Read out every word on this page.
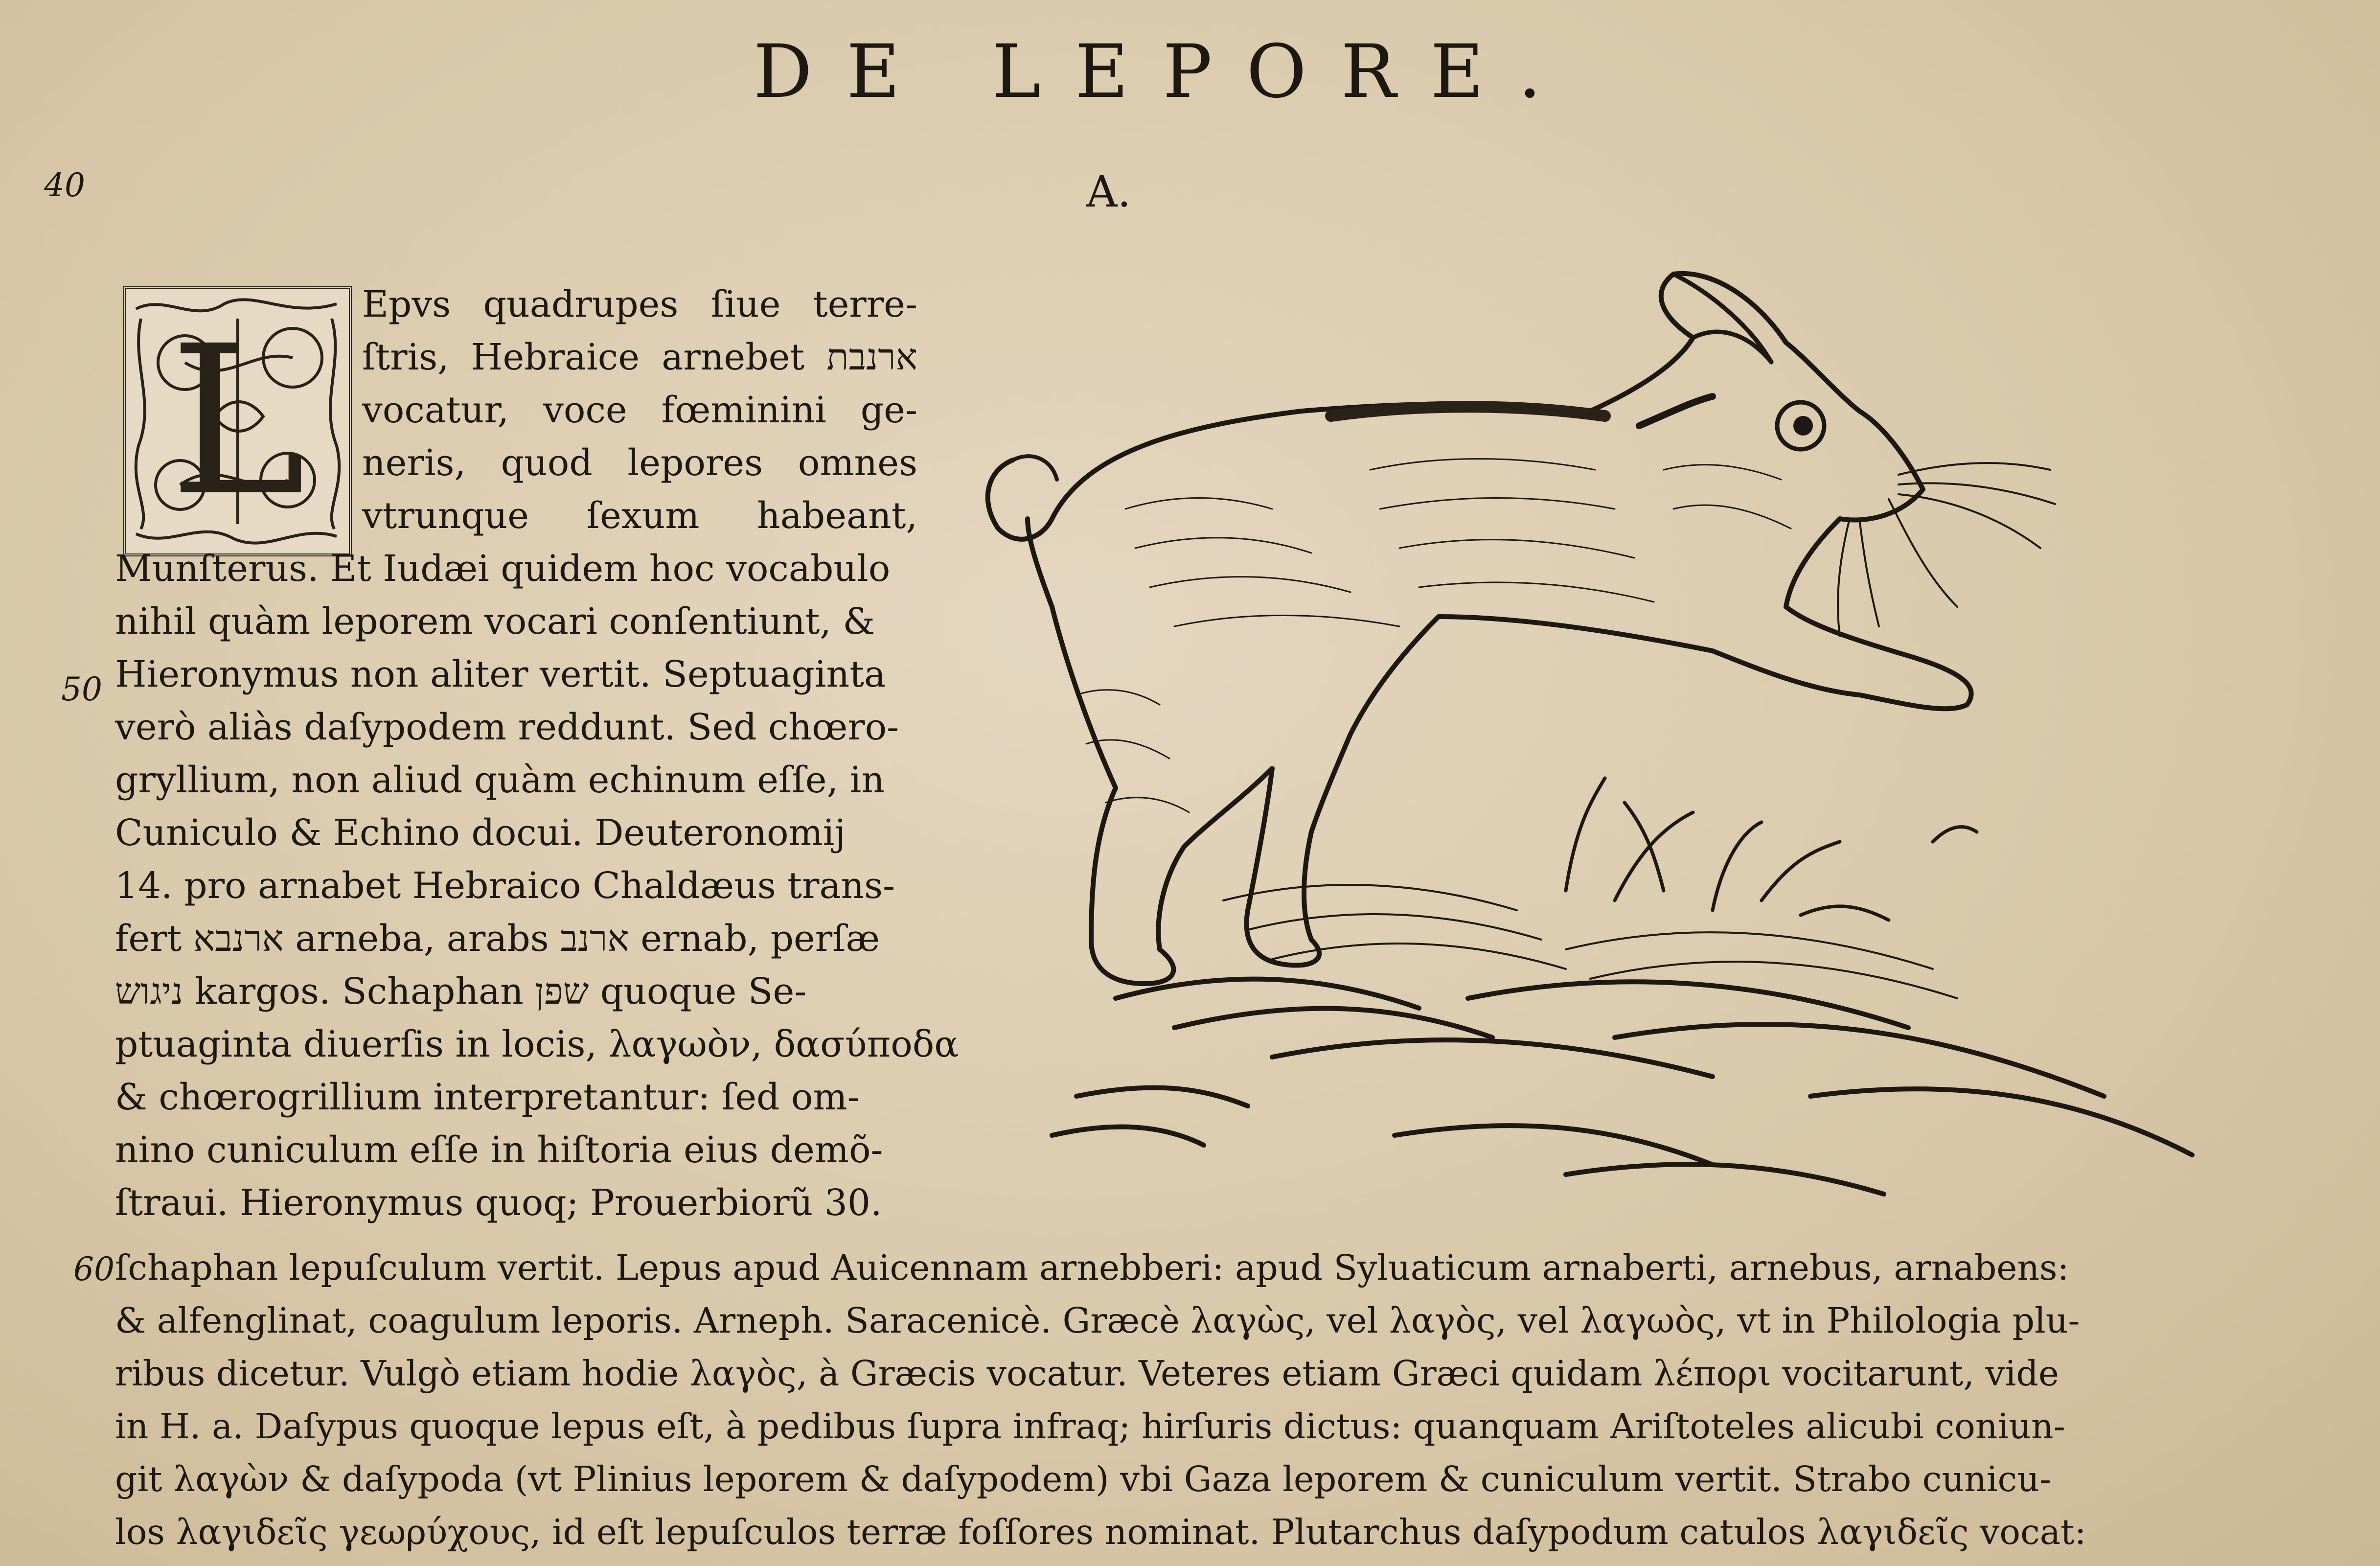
DE LEPORE.

A.

40
50
60
L Epvs quadrupes ſiue terre-
ſtris, Hebraice arnebet ארנבת
vocatur, voce fœminini ge-
neris, quod lepores omnes
vtrunque ſexum habeant,
Munſterus. Et Iudæi quidem hoc vocabulo
nihil quàm leporem vocari conſentiunt, &
Hieronymus non aliter vertit. Septuaginta
verò aliàs daſypodem reddunt. Sed chœro-
gryllium, non aliud quàm echinum eſſe, in
Cuniculo & Echino docui. Deuteronomij
14. pro arnabet Hebraico Chaldæus trans-
fert ארנבא arneba, arabs ארנב ernab, perſæ
ניגוש kargos. Schaphan שפן quoque Se-
ptuaginta diuerſis in locis, λαγωὸν, δασύποδα
& chœrogrillium interpretantur: ſed om-
nino cuniculum eſſe in hiſtoria eius demõ-
ſtraui. Hieronymus quoq; Prouerbiorũ 30.
ſchaphan lepuſculum vertit. Lepus apud Auicennam arnebberi: apud Syluaticum arnaberti, arnebus, arnabens:
& alfenglinat, coagulum leporis. Arneph. Saracenicè. Græcè λαγὼς, vel λαγὸς, vel λαγωὸς, vt in Philologia plu-
ribus dicetur. Vulgò etiam hodie λαγὸς, à Græcis vocatur. Veteres etiam Græci quidam λέπορι vocitarunt, vide
in H. a. Daſypus quoque lepus eſt, à pedibus ſupra infraq; hirſuris dictus: quanquam Ariſtoteles alicubi coniun-
git λαγὼν & daſypoda (vt Plinius leporem & daſypodem) vbi Gaza leporem & cuniculum vertit. Strabo cunicu-
los λαγιδεῖς γεωρύχους, id eſt lepuſculos terræ foſſores nominat. Plutarchus daſypodum catulos λαγιδεῖς vocat:
